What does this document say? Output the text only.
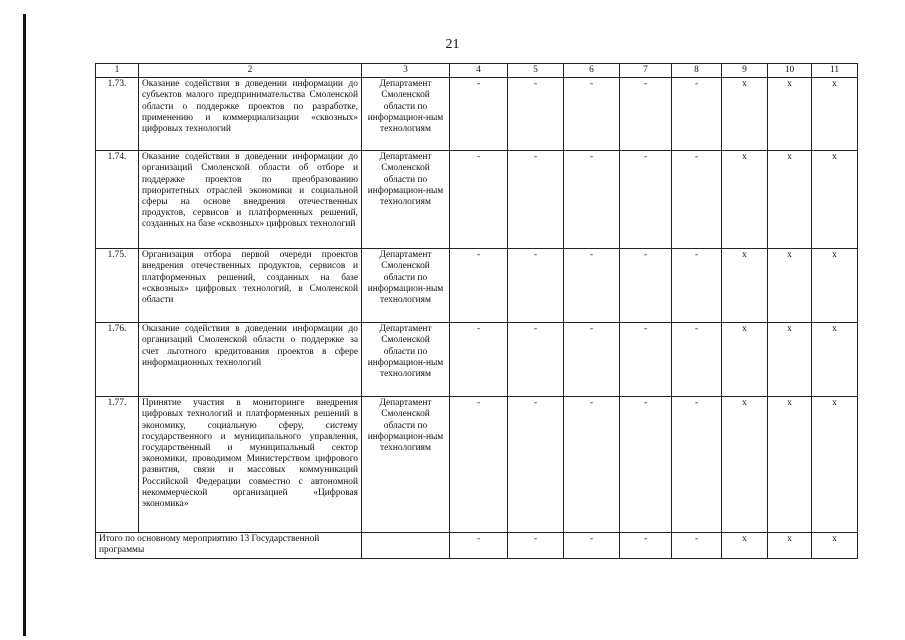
21
1	2	3	4	5	6	7	8	9	10	11
1.73.	Оказание содействия в доведении информации до субъектов малого предпринимательства Смоленской области о поддержке проектов по разработке, применению и коммерциализации «сквозных» цифровых технологий	Департамент Смоленской области по информацион-ным технологиям	-	-	-	-	-	х	х	х
1.74.	Оказание содействия в доведении информации до организаций Смоленской области об отборе и поддержке проектов по преобразованию приоритетных отраслей экономики и социальной сферы на основе внедрения отечественных продуктов, сервисов и платформенных решений, созданных на базе «сквозных» цифровых технологий	Департамент Смоленской области по информацион-ным технологиям	-	-	-	-	-	х	х	х
1.75.	Организация отбора первой очереди проектов внедрения отечественных продуктов, сервисов и платформенных решений, созданных на базе «сквозных» цифровых технологий, в Смоленской области	Департамент Смоленской области по информацион-ным технологиям	-	-	-	-	-	х	х	х
1.76.	Оказание содействия в доведении информации до организаций Смоленской области о поддержке за счет льготного кредитования проектов в сфере информационных технологий	Департамент Смоленской области по информацион-ным технологиям	-	-	-	-	-	х	х	х
1.77.	Принятие участия в мониторинге внедрения цифровых технологий и платформенных решений в экономику, социальную сферу, систему государственного и муниципального управления, государственный и муниципальный сектор экономики, проводимом Министерством цифрового развития, связи и массовых коммуникаций Российской Федерации совместно с автономной некоммерческой организацией «Цифровая экономика»	Департамент Смоленской области по информацион-ным технологиям	-	-	-	-	-	х	х	х
Итого по основному мероприятию 13 Государственной программы			-	-	-	-	-	х	х	х
